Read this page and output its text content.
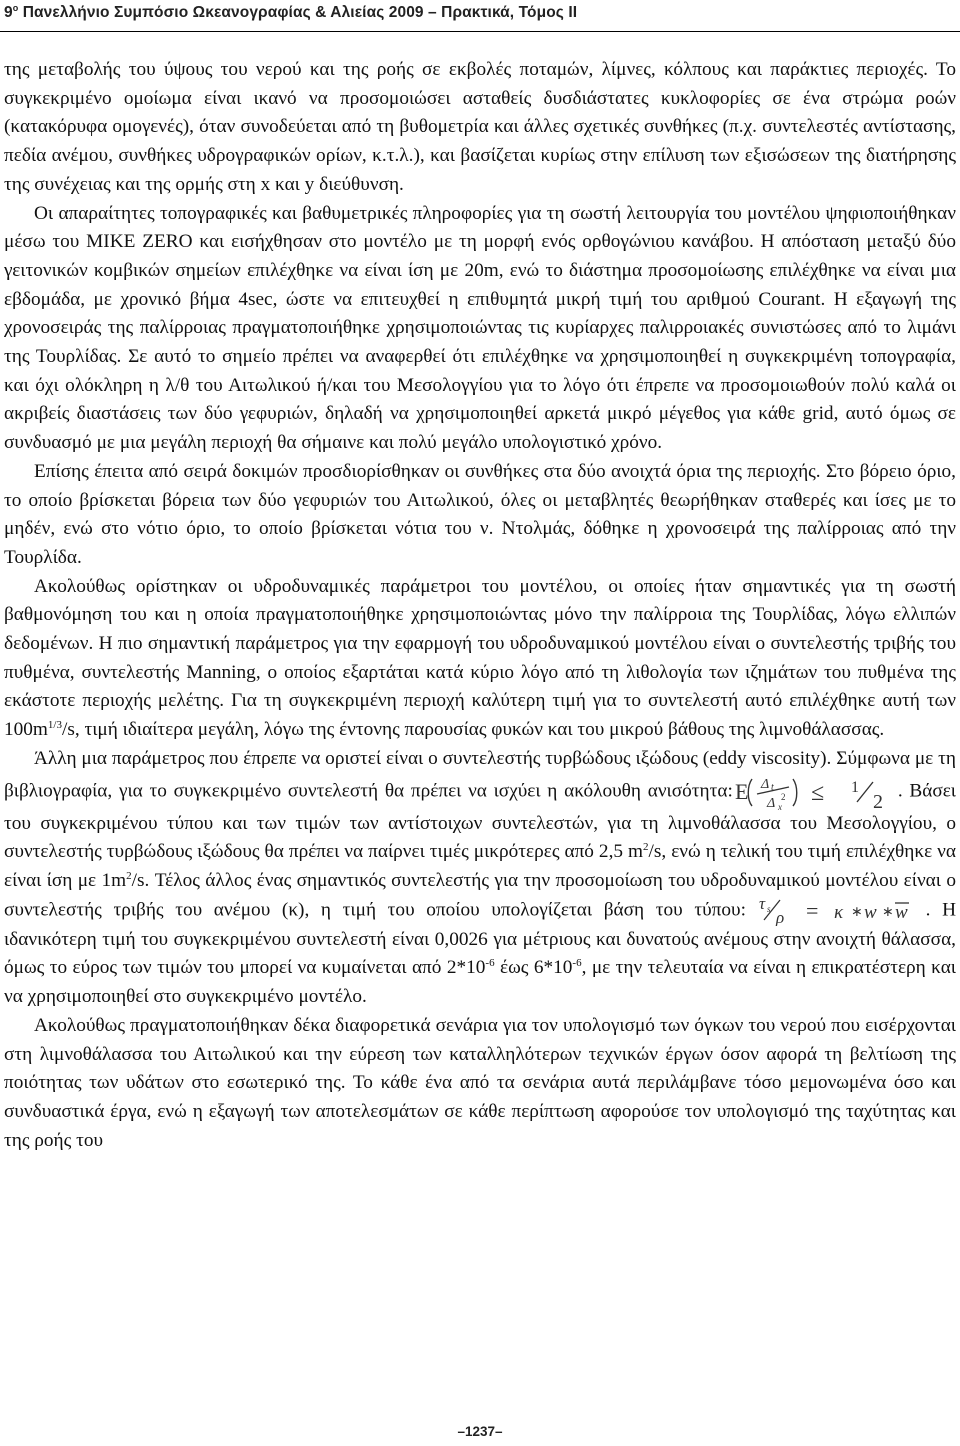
$9^o$ Πανελλήνιο Συμπόσιο Ωκεανογραφίας & Αλιείας 2009 – Πρακτικά, Τόμος ΙΙ

της μεταβολής του ύψους του νερού και της ροής σε εκβολές ποταμών, λίμνες, κόλπους και παράκτιες περιοχές. Το συγκεκριμένο ομοίωμα είναι ικανό να προσομοιώσει ασταθείς δυσδιάστατες κυκλοφορίες σε ένα στρώμα ροών (κατακόρυφα ομογενές), όταν συνοδεύεται από τη βυθομετρία και άλλες σχετικές συνθήκες (π.χ. συντελεστές αντίστασης, πεδία ανέμου, συνθήκες υδρογραφικών ορίων, κ.τ.λ.), και βασίζεται κυρίως στην επίλυση των εξισώσεων της διατήρησης της συνέχειας και της ορμής στη x και y διεύθυνση.

Οι απαραίτητες τοπογραφικές και βαθυμετρικές πληροφορίες για τη σωστή λειτουργία του μοντέλου ψηφιοποιήθηκαν μέσω του MIKE ZERO και εισήχθησαν στο μοντέλο με τη μορφή ενός ορθογώνιου κανάβου. Η απόσταση μεταξύ δύο γειτονικών κομβικών σημείων επιλέχθηκε να είναι ίση με 20m, ενώ το διάστημα προσομοίωσης επιλέχθηκε να είναι μια εβδομάδα, με χρονικό βήμα 4sec, ώστε να επιτευχθεί η επιθυμητά μικρή τιμή του αριθμού Courant. Η εξαγωγή της χρονοσειράς της παλίρροιας πραγματοποιήθηκε χρησιμοποιώντας τις κυρίαρχες παλιρροιακές συνιστώσες από το λιμάνι της Τουρλίδας. Σε αυτό το σημείο πρέπει να αναφερθεί ότι επιλέχθηκε να χρησιμοποιηθεί η συγκεκριμένη τοπογραφία, και όχι ολόκληρη η λ/θ του Αιτωλικού ή/και του Μεσολογγίου για το λόγο ότι έπρεπε να προσομοιωθούν πολύ καλά οι ακριβείς διαστάσεις των δύο γεφυριών, δηλαδή να χρησιμοποιηθεί αρκετά μικρό μέγεθος για κάθε grid, αυτό όμως σε συνδυασμό με μια μεγάλη περιοχή θα σήμαινε και πολύ μεγάλο υπολογιστικό χρόνο.

Επίσης έπειτα από σειρά δοκιμών προσδιορίσθηκαν οι συνθήκες στα δύο ανοιχτά όρια της περιοχής. Στο βόρειο όριο, το οποίο βρίσκεται βόρεια των δύο γεφυριών του Αιτωλικού, όλες οι μεταβλητές θεωρήθηκαν σταθερές και ίσες με το μηδέν, ενώ στο νότιο όριο, το οποίο βρίσκεται νότια του ν. Ντολμάς, δόθηκε η χρονοσειρά της παλίρροιας από την Τουρλίδα.

Ακολούθως ορίστηκαν οι υδροδυναμικές παράμετροι του μοντέλου, οι οποίες ήταν σημαντικές για τη σωστή βαθμονόμηση του και η οποία πραγματοποιήθηκε χρησιμοποιώντας μόνο την παλίρροια της Τουρλίδας, λόγω ελλιπών δεδομένων. Η πιο σημαντική παράμετρος για την εφαρμογή του υδροδυναμικού μοντέλου είναι ο συντελεστής τριβής του πυθμένα, συντελεστής Manning, ο οποίος εξαρτάται κατά κύριο λόγο από τη λιθολογία των ιζημάτων του πυθμένα της εκάστοτε περιοχής μελέτης. Για τη συγκεκριμένη περιοχή καλύτερη τιμή για το συντελεστή αυτό επιλέχθηκε αυτή των $100m^{1/3}/s$, τιμή ιδιαίτερα μεγάλη, λόγω της έντονης παρουσίας φυκών και του μικρού βάθους της λιμνοθάλασσας.

Άλλη μια παράμετρος που έπρεπε να οριστεί είναι ο συντελεστής τυρβώδους ιξώδους (eddy viscosity). Σύμφωνα με τη βιβλιογραφία, για το συγκεκριμένο συντελεστή θα πρέπει να ισχύει η ακόλουθη ανισότητα: E Δ t
Δ x
2 ≤ 1
2
. Βάσει του συγκεκριμένου τύπου και των τιμών των αντίστοιχων συντελεστών, για τη λιμνοθάλασσα του Μεσολογγίου, ο συντελεστής τυρβώδους ιξώδους θα πρέπει να παίρνει τιμές μικρότερες από 2,5 $m^2/s$, ενώ η τελική του τιμή επιλέχθηκε να είναι ίση με $1m^2/s$. Τέλος άλλος ένας σημαντικός συντελεστής για την προσομοίωση του υδροδυναμικού μοντέλου είναι ο συντελεστής τριβής του ανέμου (κ), η τιμή του οποίου υπολογίζεται βάση του τύπου: τ s ρ = κ ∗ w ∗ w . Η ιδανικότερη τιμή του συγκεκριμένου συντελεστή είναι 0,0026 για μέτριους και δυνατούς ανέμους στην ανοιχτή θάλασσα, όμως το εύρος των τιμών του μπορεί να κυμαίνεται από $2*10^{-6}$ έως $6*10^{-6}$, με την τελευταία να είναι η επικρατέστερη και να χρησιμοποιηθεί στο συγκεκριμένο μοντέλο.

Ακολούθως πραγματοποιήθηκαν δέκα διαφορετικά σενάρια για τον υπολογισμό των όγκων του νερού που εισέρχονται στη λιμνοθάλασσα του Αιτωλικού και την εύρεση των καταλληλότερων τεχνικών έργων όσον αφορά τη βελτίωση της ποιότητας των υδάτων στο εσωτερικό της. Το κάθε ένα από τα σενάρια αυτά περιλάμβανε τόσο μεμονωμένα όσο και συνδυαστικά έργα, ενώ η εξαγωγή των αποτελεσμάτων σε κάθε περίπτωση αφορούσε τον υπολογισμό της ταχύτητας και της ροής του

–1237–
